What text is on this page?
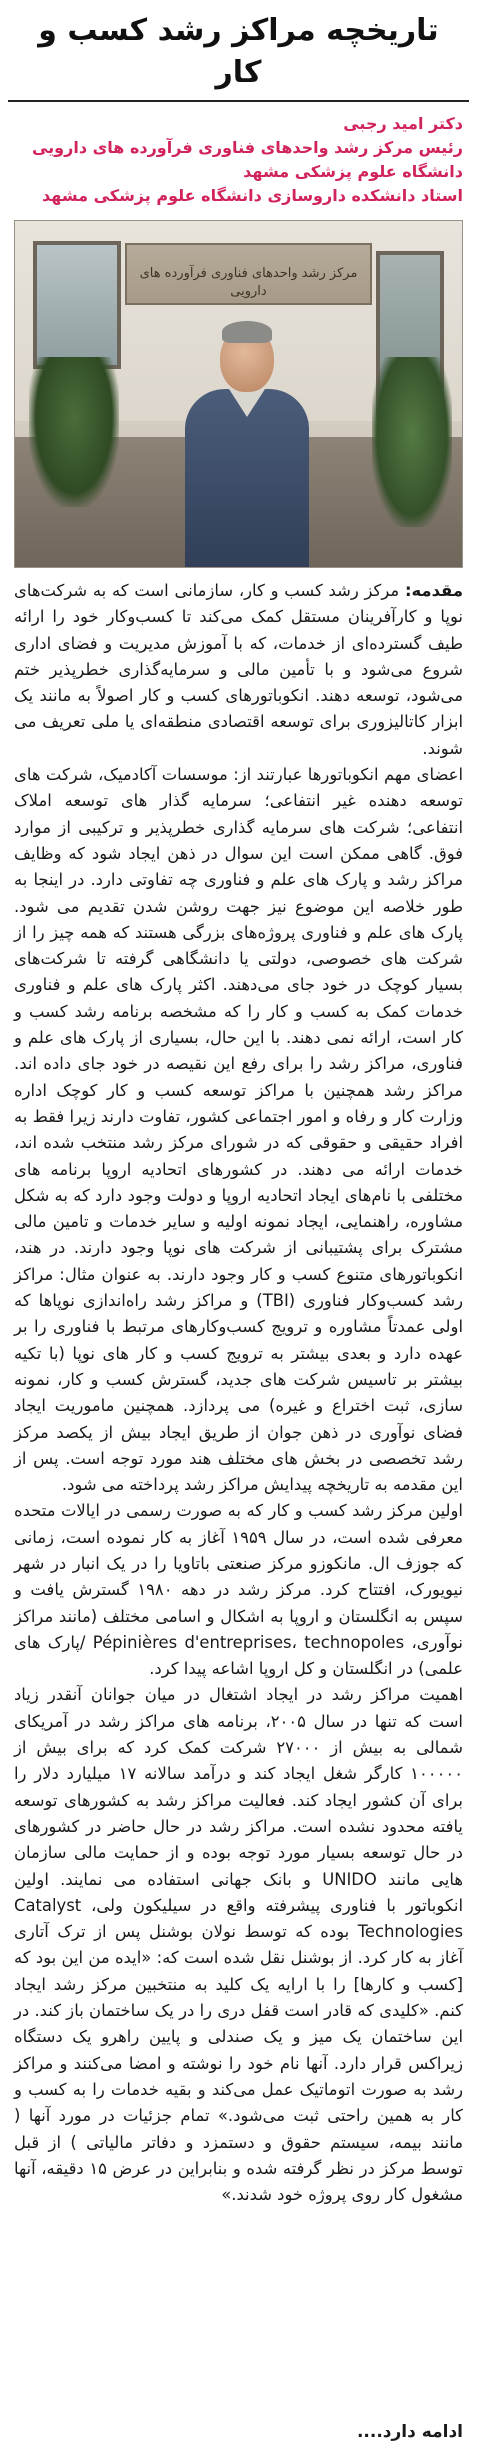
تاریخچه مراکز رشد کسب و کار
دکتر امید رجبی
رئیس مرکز رشد واحدهای فناوری فرآورده های دارویی
دانشگاه علوم پزشکی مشهد
استاد دانشکده داروسازی دانشگاه علوم پزشکی مشهد
مرکز رشد واحدهای فناوری فرآورده های دارویی

مقدمه: مرکز رشد کسب و کار، سازمانی است که به شرکت‌های نوپا و کارآفرینان مستقل کمک می‌کند تا کسب‌وکار خود را ارائه طیف گسترده‌ای از خدمات، که با آموزش مدیریت و فضای اداری شروع می‌شود و با تأمین مالی و سرمایه‌گذاری خطرپذیر ختم می‌شود، توسعه دهند. انکوباتورهای کسب و کار اصولاً به مانند یک ابزار کاتالیزوری برای توسعه اقتصادی منطقه‌ای یا ملی تعریف می شوند.

اعضای مهم انکوباتورها عبارتند از: موسسات آکادمیک، شرکت های توسعه دهنده غیر انتفاعی؛ سرمایه گذار های توسعه املاک انتفاعی؛ شرکت های سرمایه گذاری خطرپذیر و ترکیبی از موارد فوق. گاهی ممکن است این سوال در ذهن ایجاد شود که وظایف مراکز رشد و پارک های علم و فناوری چه تفاوتی دارد. در اینجا به طور خلاصه این موضوع نیز جهت روشن شدن تقدیم می شود. پارک های علم و فناوری پروژه‌های بزرگی هستند که همه چیز را از شرکت های خصوصی، دولتی یا دانشگاهی گرفته تا شرکت‌های بسیار کوچک در خود جای می‌دهند. اکثر پارک های علم و فناوری خدمات کمک به کسب و کار را که مشخصه برنامه رشد کسب و کار است، ارائه نمی دهند. با این حال، بسیاری از پارک های علم و فناوری، مراکز رشد را برای رفع این نقیصه در خود جای داده اند. مراکز رشد همچنین با مراکز توسعه کسب و کار کوچک اداره وزارت کار و رفاه و امور اجتماعی کشور، تفاوت دارند زیرا فقط به افراد حقیقی و حقوقی که در شورای مرکز رشد منتخب شده اند، خدمات ارائه می دهند. در کشورهای اتحادیه اروپا برنامه های مختلفی با نام‌های ایجاد اتحادیه اروپا و دولت وجود دارد که به شکل مشاوره، راهنمایی، ایجاد نمونه اولیه و سایر خدمات و تامین مالی مشترک برای پشتیبانی از شرکت های نوپا وجود دارند. در هند، انکوباتورهای متنوع کسب و کار وجود دارند. به عنوان مثال: مراکز رشد کسب‌وکار فناوری (TBI) و مراکز رشد راه‌اندازی نوپاها که اولی عمدتاً مشاوره و ترویج کسب‌وکارهای مرتبط با فناوری را بر عهده دارد و بعدی بیشتر به ترویج کسب و کار های نوپا (با تکیه بیشتر بر تاسیس شرکت های جدید، گسترش کسب و کار، نمونه سازی، ثبت اختراع و غیره) می پردازد. همچنین ماموریت ایجاد فضای نوآوری در ذهن جوان از طریق ایجاد بیش از یکصد مرکز رشد تخصصی در بخش های مختلف هند مورد توجه است. پس از این مقدمه به تاریخچه پیدایش مراکز رشد پرداخته می شود.

اولین مرکز رشد کسب و کار که به صورت رسمی در ایالات متحده معرفی شده است، در سال ۱۹۵۹ آغاز به کار نموده است، زمانی که جوزف ال. مانکوزو مرکز صنعتی باتاویا را در یک انبار در شهر نیویورک، افتتاح کرد. مرکز رشد در دهه ۱۹۸۰ گسترش یافت و سپس به انگلستان و اروپا به اشکال و اسامی مختلف (مانند مراکز نوآوری، Pépinières d'entreprises، technopoles /پارک های علمی) در انگلستان و کل اروپا اشاعه پیدا کرد.

اهمیت مراکز رشد در ایجاد اشتغال در میان جوانان آنقدر زیاد است که تنها در سال ۲۰۰۵، برنامه های مراکز رشد در آمریکای شمالی به بیش از ۲۷۰۰۰ شرکت کمک کرد که برای بیش از ۱۰۰۰۰۰ کارگر شغل ایجاد کند و درآمد سالانه ۱۷ میلیارد دلار را برای آن کشور ایجاد کند. فعالیت مراکز رشد به کشورهای توسعه یافته محدود نشده است. مراکز رشد در حال حاضر در کشورهای در حال توسعه بسیار مورد توجه بوده و از حمایت مالی سازمان هایی مانند UNIDO و بانک جهانی استفاده می نمایند. اولین انکوباتور با فناوری پیشرفته واقع در سیلیکون ولی، Catalyst Technologies بوده که توسط نولان بوشنل پس از ترک آتاری آغاز به کار کرد. از بوشنل نقل شده است که: «ایده من این بود که [کسب و کارها] را با ارایه یک کلید به منتخبین مرکز رشد ایجاد کنم. «کلیدی که قادر است قفل دری را در یک ساختمان باز کند. در این ساختمان یک میز و یک صندلی و پایین راهرو یک دستگاه زیراکس قرار دارد. آنها نام خود را نوشته و امضا می‌کنند و مراکز رشد به صورت اتوماتیک عمل می‌کند و بقیه خدمات را به کسب و کار به همین راحتی ثبت می‌شود.» تمام جزئیات در مورد آنها ( مانند بیمه، سیستم حقوق و دستمزد و دفاتر مالیاتی ) از قبل توسط مرکز در نظر گرفته شده و بنابراین در عرض ۱۵ دقیقه، آنها مشغول کار روی پروژه خود شدند.»

ادامه دارد....
